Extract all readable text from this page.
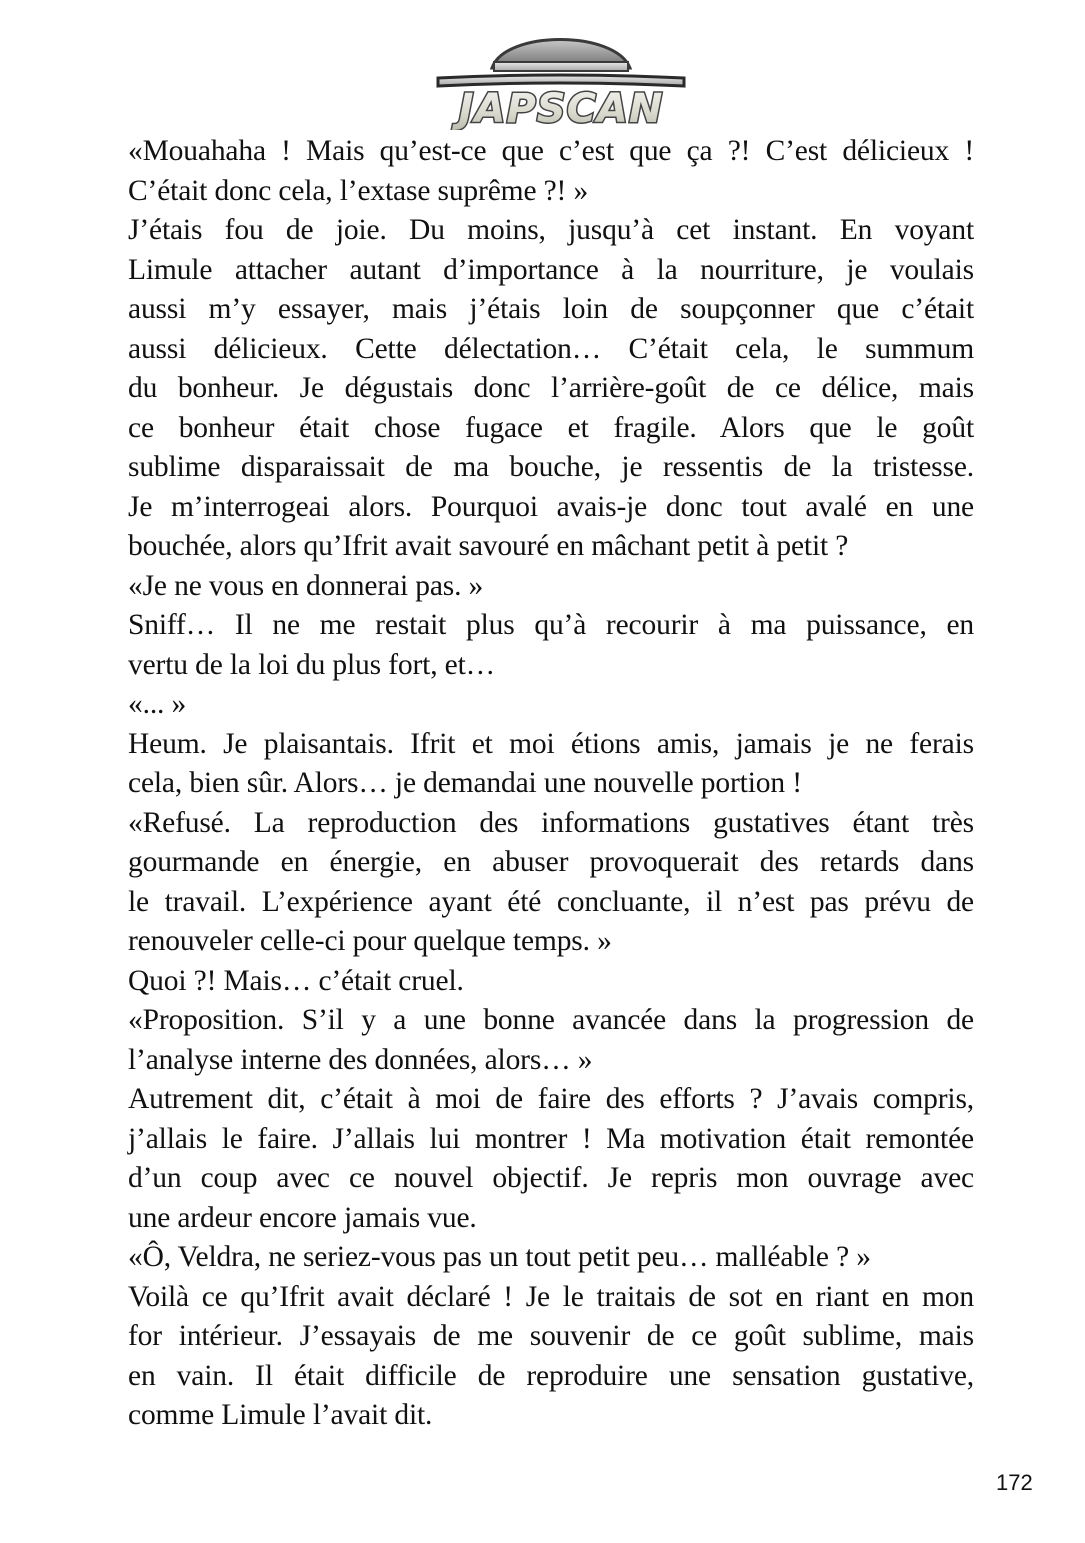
JAPSCAN
«Mouahaha ! Mais qu’est-ce que c’est que ça ?! C’est délicieux !
C’était donc cela, l’extase suprême ?! »
J’étais fou de joie. Du moins, jusqu’à cet instant. En voyant
Limule attacher autant d’importance à la nourriture, je voulais
aussi m’y essayer, mais j’étais loin de soupçonner que c’était
aussi délicieux. Cette délectation… C’était cela, le summum
du bonheur. Je dégustais donc l’arrière-goût de ce délice, mais
ce bonheur était chose fugace et fragile. Alors que le goût
sublime disparaissait de ma bouche, je ressentis de la tristesse.
Je m’interrogeai alors. Pourquoi avais-je donc tout avalé en une
bouchée, alors qu’Ifrit avait savouré en mâchant petit à petit ?
«Je ne vous en donnerai pas. »
Sniff… Il ne me restait plus qu’à recourir à ma puissance, en
vertu de la loi du plus fort, et…
«... »
Heum. Je plaisantais. Ifrit et moi étions amis, jamais je ne ferais
cela, bien sûr. Alors… je demandai une nouvelle portion !
«Refusé. La reproduction des informations gustatives étant très
gourmande en énergie, en abuser provoquerait des retards dans
le travail. L’expérience ayant été concluante, il n’est pas prévu de
renouveler celle-ci pour quelque temps. »
Quoi ?! Mais… c’était cruel.
«Proposition. S’il y a une bonne avancée dans la progression de
l’analyse interne des données, alors… »
Autrement dit, c’était à moi de faire des efforts ? J’avais compris,
j’allais le faire. J’allais lui montrer ! Ma motivation était remontée
d’un coup avec ce nouvel objectif. Je repris mon ouvrage avec
une ardeur encore jamais vue.
«Ô, Veldra, ne seriez-vous pas un tout petit peu… malléable ? »
Voilà ce qu’Ifrit avait déclaré ! Je le traitais de sot en riant en mon
for intérieur. J’essayais de me souvenir de ce goût sublime, mais
en vain. Il était difficile de reproduire une sensation gustative,
comme Limule l’avait dit.
172
